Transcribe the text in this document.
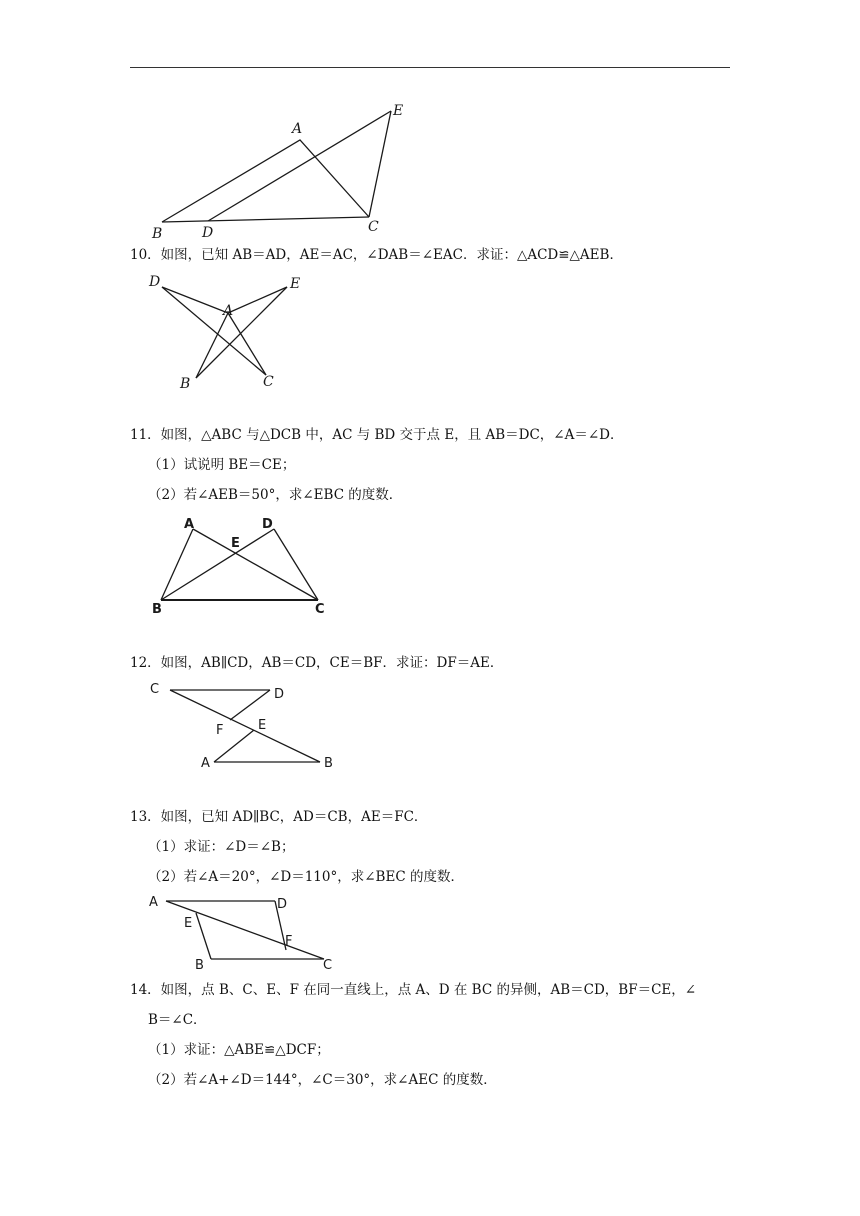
A
E
B	D	C
10．如图，已知 AB＝AD，AE＝AC，∠DAB＝∠EAC．求证：△ACD≌△AEB．
D
A
E
B	C
11．如图，△ABC 与△DCB 中，AC 与 BD 交于点 E，且 AB＝DC，∠A＝∠D．
（1）试说明 BE＝CE；
（2）若∠AEB＝50°，求∠EBC 的度数．
A	D
E
B	C
12．如图，AB∥CD，AB＝CD，CE＝BF．求证：DF＝AE．
C	D
F	E
A	B
13．如图，已知 AD∥BC，AD＝CB，AE＝FC．
（1）求证：∠D＝∠B；
（2）若∠A＝20°，∠D＝110°，求∠BEC 的度数．
A	D
E
F
B	C
14．如图，点 B、C、E、F 在同一直线上，点 A、D 在 BC 的异侧，AB＝CD，BF＝CE，∠
B＝∠C．
（1）求证：△ABE≌△DCF；
（2）若∠A+∠D＝144°，∠C＝30°，求∠AEC 的度数．
